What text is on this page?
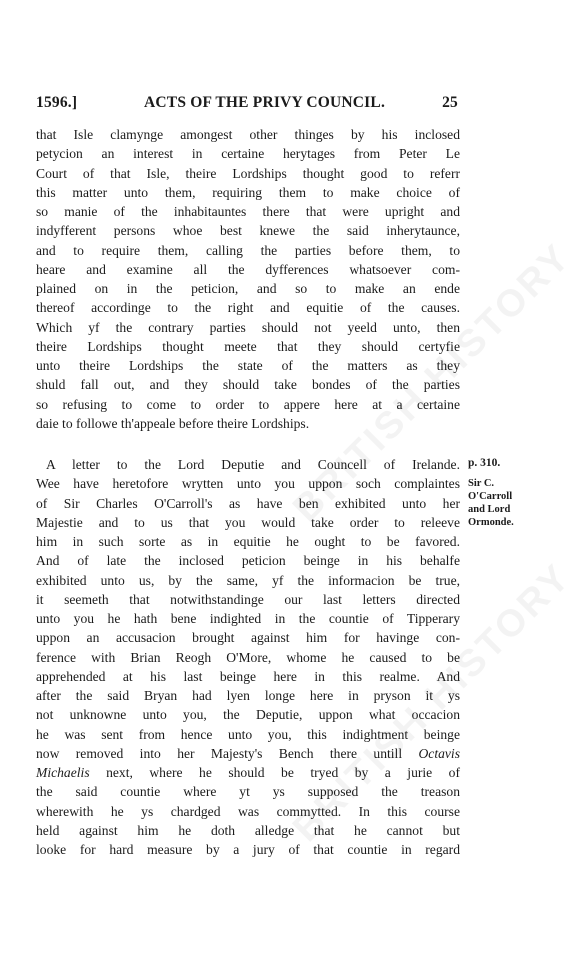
1596.]	ACTS OF THE PRIVY COUNCIL.	25
that Isle clamynge amongest other thinges by his inclosed
petycion an interest in certaine herytages from Peter Le
Court of that Isle, theire Lordships thought good to referr
this matter unto them, requiring them to make choice of
so manie of the inhabitauntes there that were upright and
indyfferent persons whoe best knewe the said inherytaunce,
and to require them, calling the parties before them, to
heare and examine all the dyfferences whatsoever com-
plained on in the peticion, and so to make an ende
thereof accordinge to the right and equitie of the causes.
Which yf the contrary parties should not yeeld unto, then
theire Lordships thought meete that they should certyfie
unto theire Lordships the state of the matters as they
shuld fall out, and they should take bondes of the parties
so refusing to come to order to appere here at a certaine
daie to followe th'appeale before theire Lordships.
A letter to the Lord Deputie and Councell of Irelande.
Wee have heretofore wrytten unto you uppon soch complaintes
of Sir Charles O'Carroll's as have ben exhibited unto her
Majestie and to us that you would take order to releeve
him in such sorte as in equitie he ought to be favored.
And of late the inclosed peticion beinge in his behalfe
exhibited unto us, by the same, yf the informacion be true,
it seemeth that notwithstandinge our last letters directed
unto you he hath bene indighted in the countie of Tipperary
uppon an accusacion brought against him for havinge con-
ference with Brian Reogh O'More, whome he caused to be
apprehended at his last beinge here in this realme. And
after the said Bryan had lyen longe here in pryson it ys
not unknowne unto you, the Deputie, uppon what occacion
he was sent from hence unto you, this indightment beinge
now removed into her Majesty's Bench there untill Octavis
Michaelis next, where he should be tryed by a jurie of
the said countie where yt ys supposed the treason
wherewith he ys chardged was commytted. In this course
held against him he doth alledge that he cannot but
looke for hard measure by a jury of that countie in regard
p. 310.
Sir C.
O'Carroll
and Lord
Ormonde.
